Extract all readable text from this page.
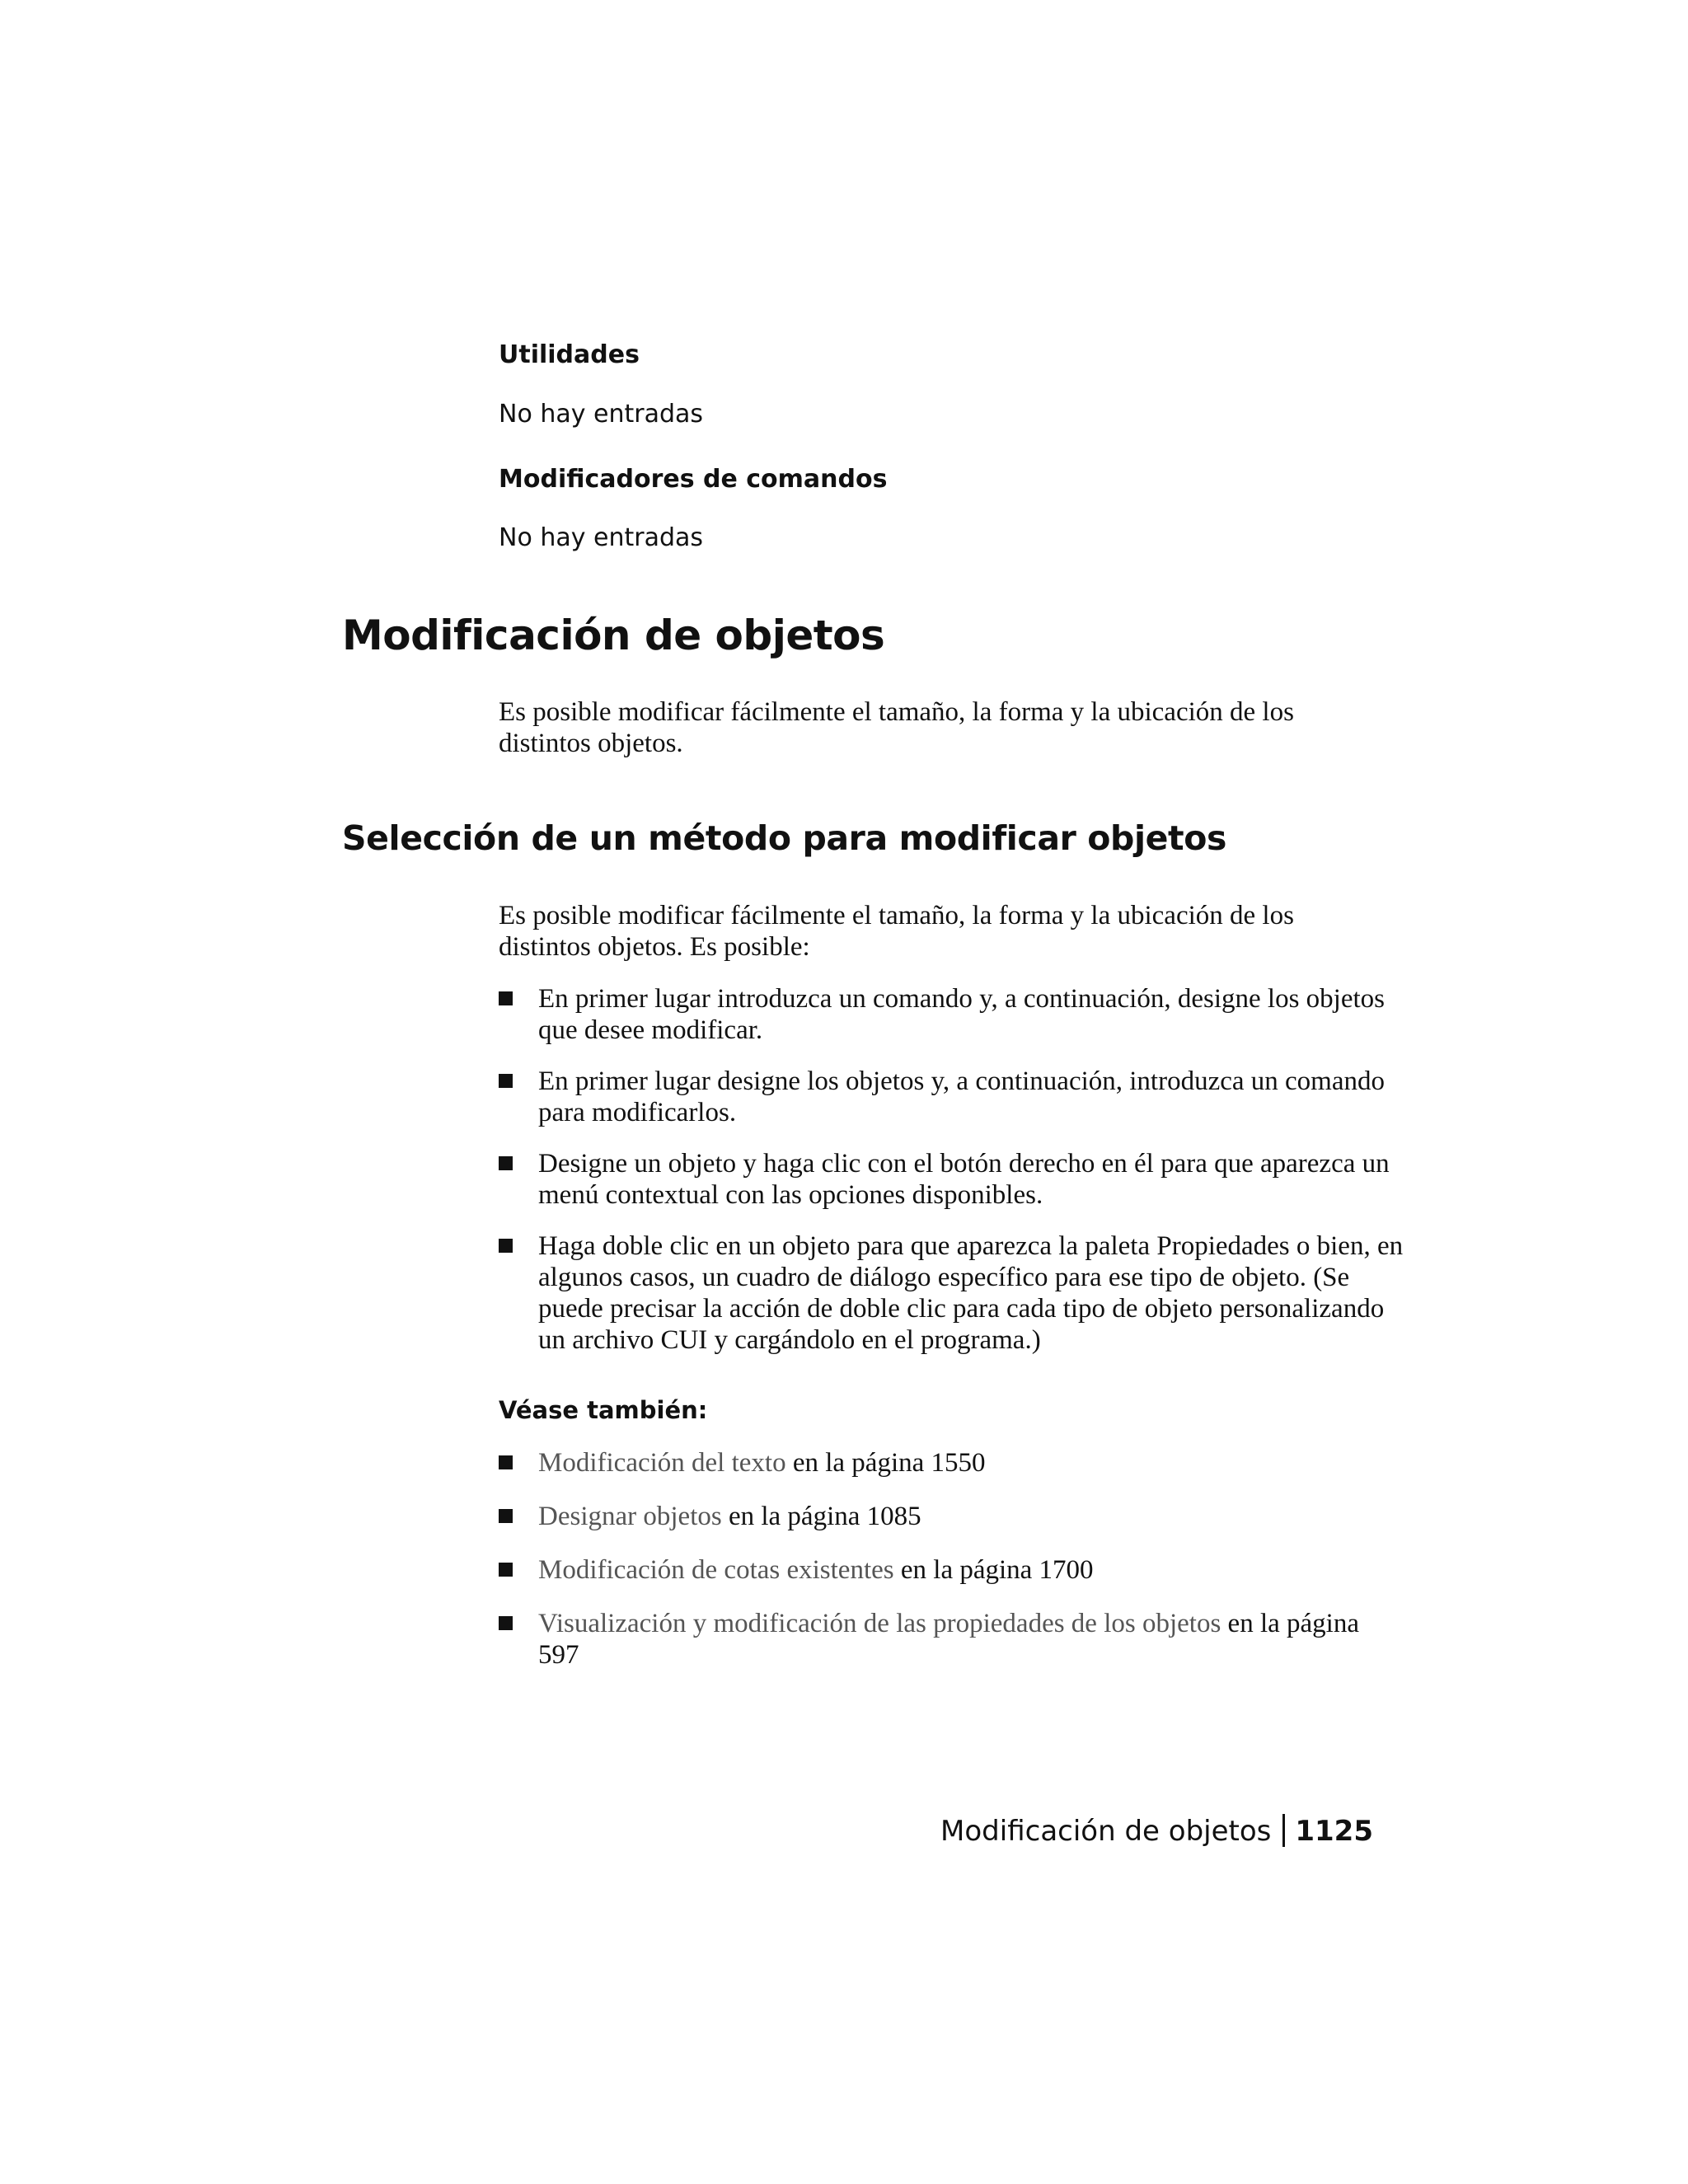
Utilidades

No hay entradas

Modificadores de comandos

No hay entradas

Modificación de objetos

Es posible modificar fácilmente el tamaño, la forma y la ubicación de los distintos objetos.

Selección de un método para modificar objetos

Es posible modificar fácilmente el tamaño, la forma y la ubicación de los distintos objetos. Es posible:

En primer lugar introduzca un comando y, a continuación, designe los objetos que desee modificar.
En primer lugar designe los objetos y, a continuación, introduzca un comando para modificarlos.
Designe un objeto y haga clic con el botón derecho en él para que aparezca un menú contextual con las opciones disponibles.
Haga doble clic en un objeto para que aparezca la paleta Propiedades o bien, en algunos casos, un cuadro de diálogo específico para ese tipo de objeto. (Se puede precisar la acción de doble clic para cada tipo de objeto personalizando un archivo CUI y cargándolo en el programa.)

Véase también:

Modificación del texto en la página 1550
Designar objetos en la página 1085
Modificación de cotas existentes en la página 1700
Visualización y modificación de las propiedades de los objetos en la página 597
Modificación de objetos 1125
